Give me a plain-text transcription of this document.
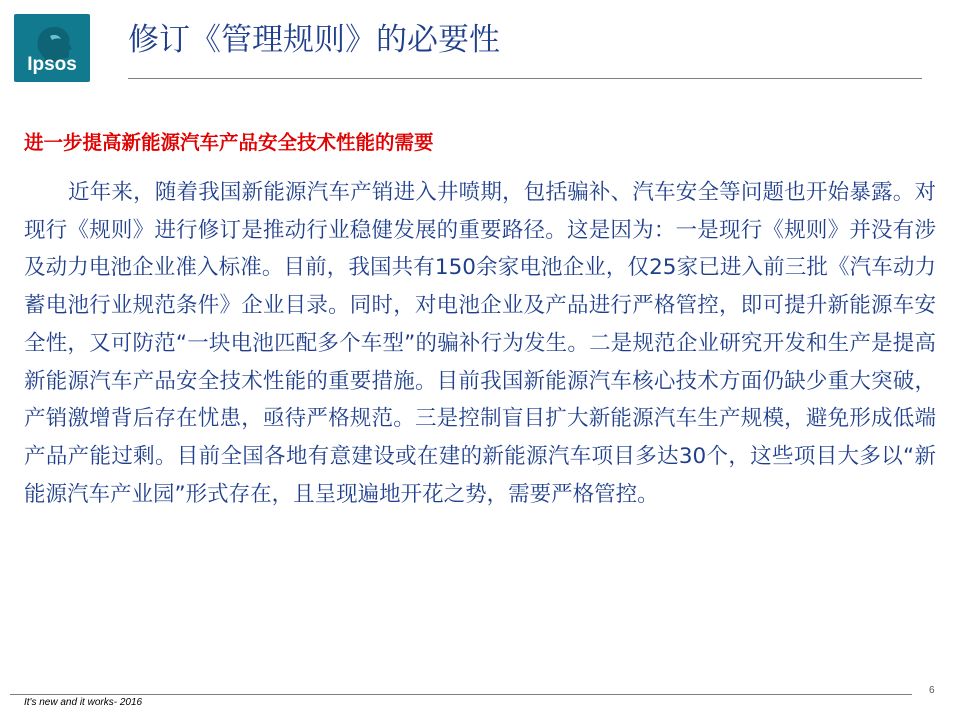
Ipsos
修订《管理规则》的必要性
进一步提高新能源汽车产品安全技术性能的需要

近年来，随着我国新能源汽车产销进入井喷期，包括骗补、汽车安全等问题也开始暴露。对现行《规则》进行修订是推动行业稳健发展的重要路径。这是因为：一是现行《规则》并没有涉及动力电池企业准入标准。目前，我国共有150余家电池企业，仅25家已进入前三批《汽车动力蓄电池行业规范条件》企业目录。同时，对电池企业及产品进行严格管控，即可提升新能源车安全性，又可防范“一块电池匹配多个车型”的骗补行为发生。二是规范企业研究开发和生产是提高新能源汽车产品安全技术性能的重要措施。目前我国新能源汽车核心技术方面仍缺少重大突破，产销激增背后存在忧患，亟待严格规范。三是控制盲目扩大新能源汽车生产规模，避免形成低端产品产能过剩。目前全国各地有意建设或在建的新能源汽车项目多达30个，这些项目大多以“新能源汽车产业园”形式存在，且呈现遍地开花之势，需要严格管控。

It's new and it works- 2016
6
